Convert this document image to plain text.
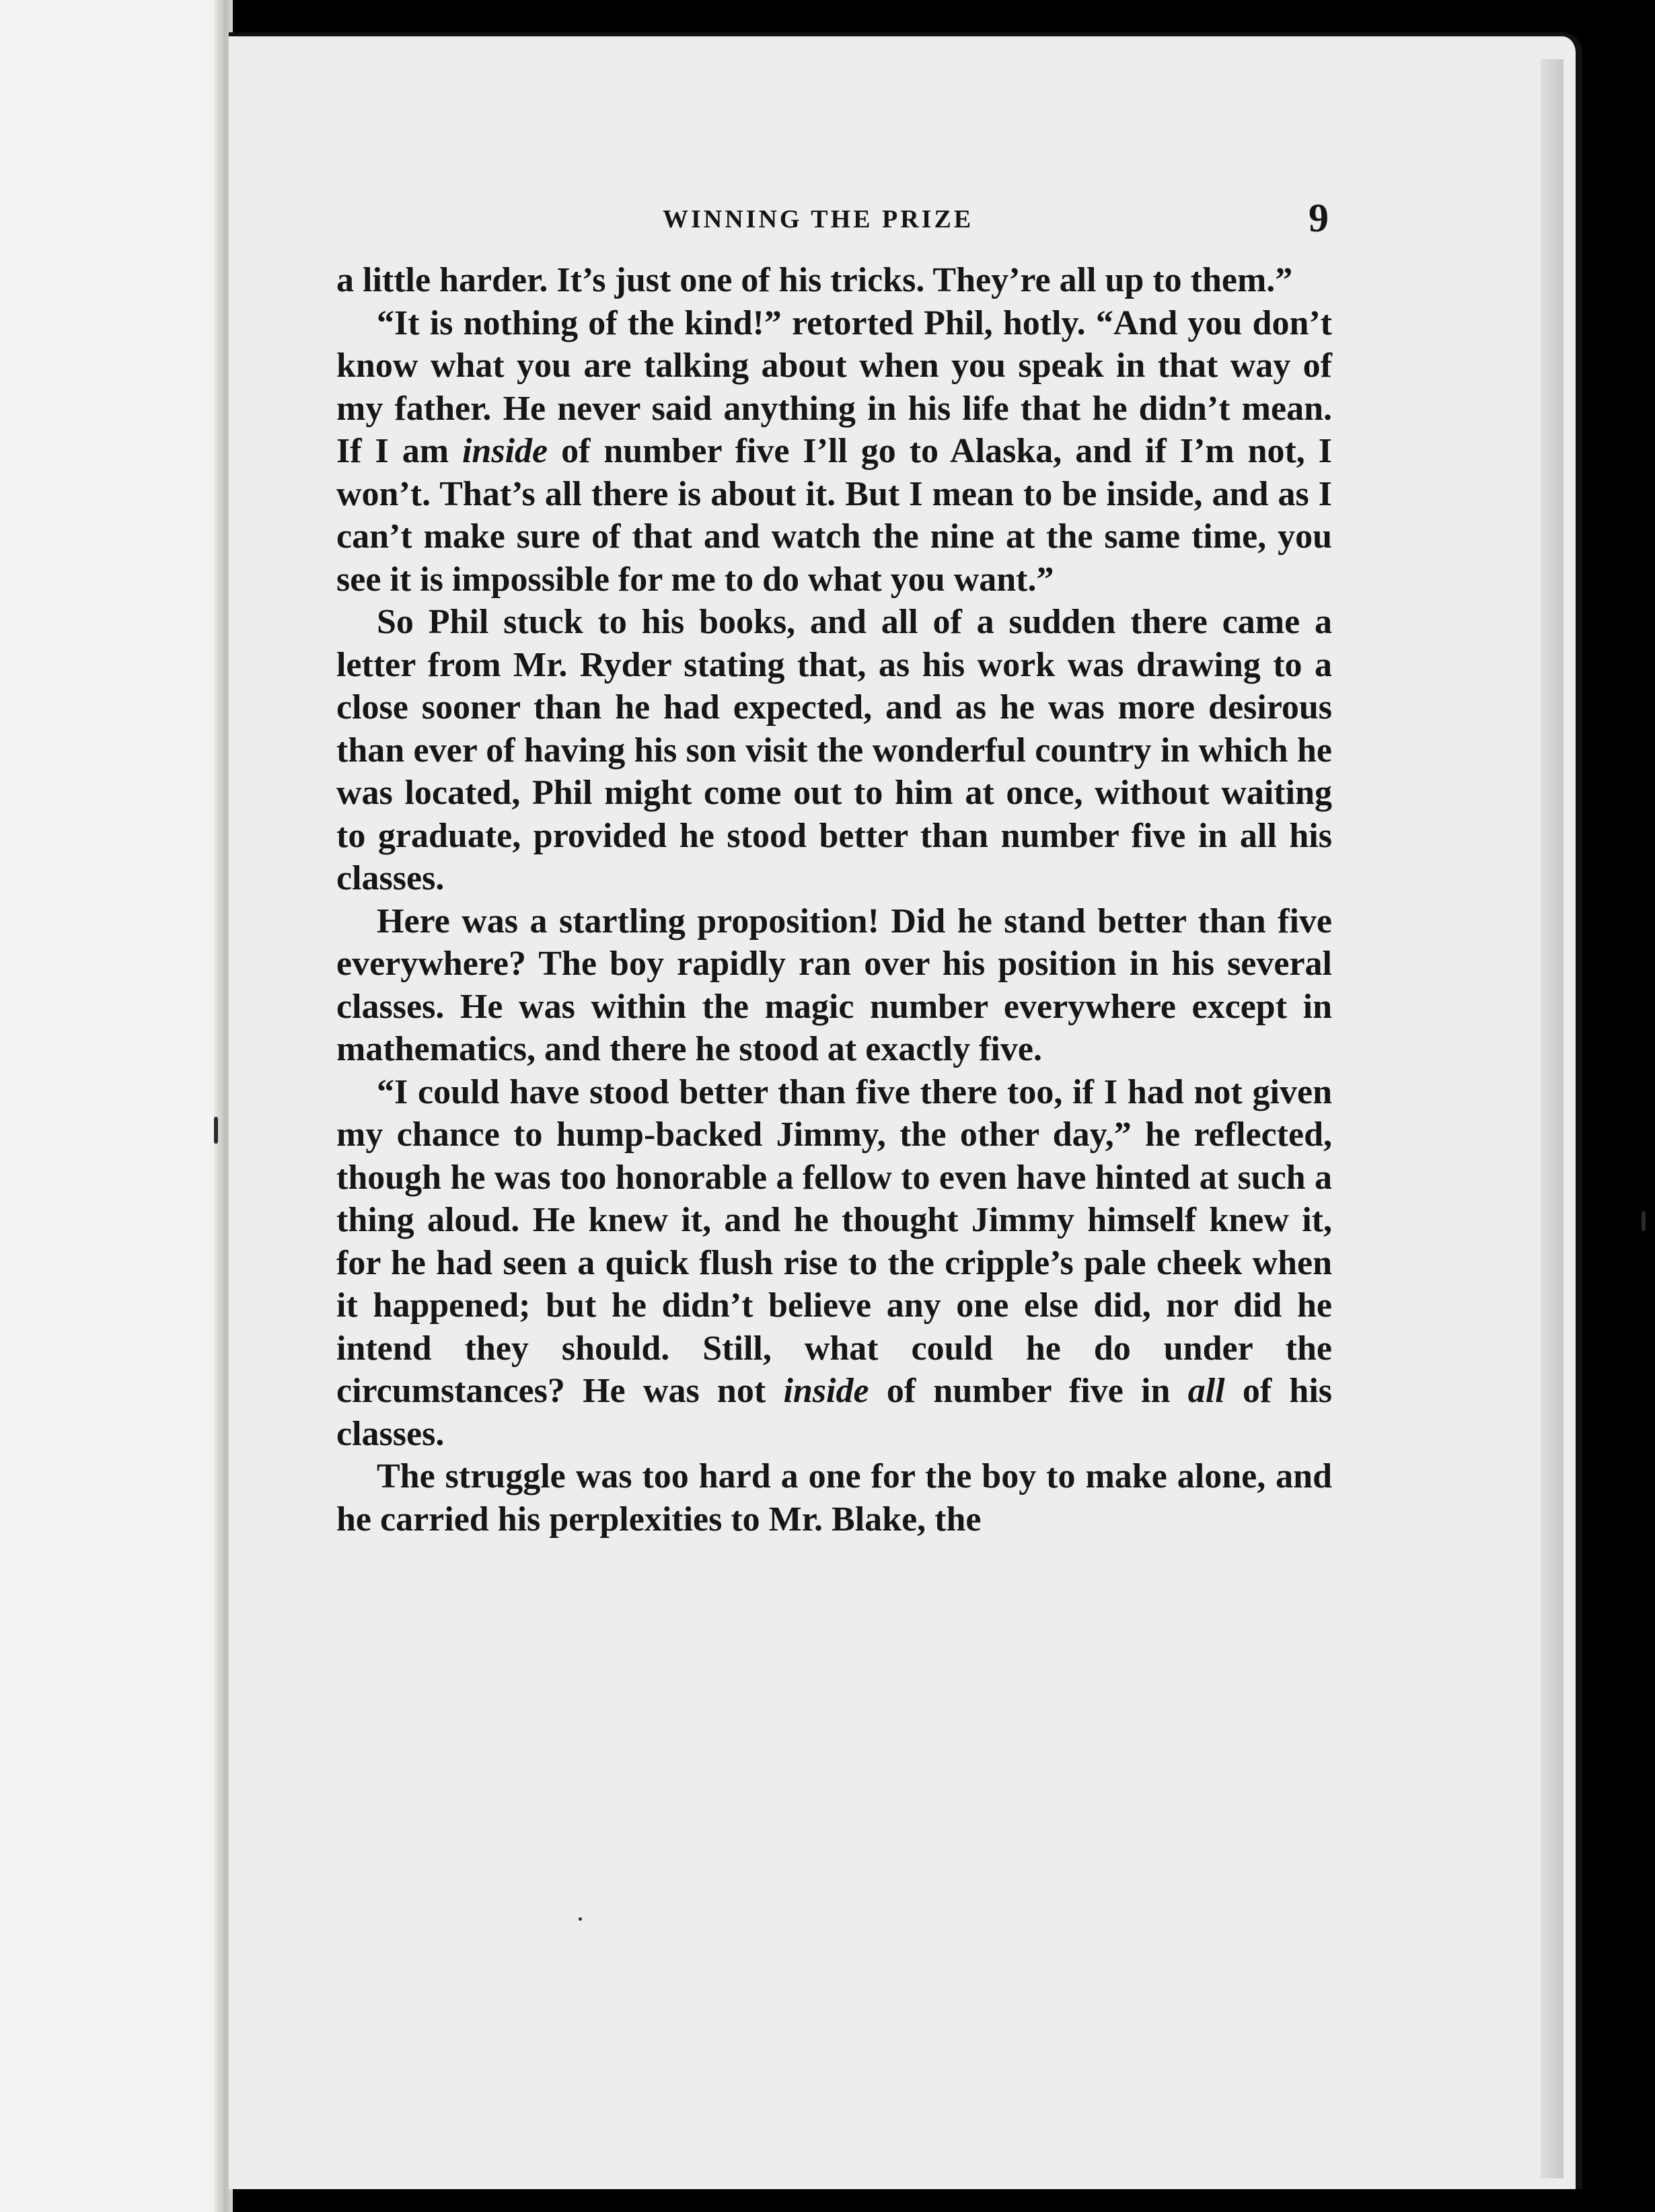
WINNING THE PRIZE	9

a little harder. It’s just one of his tricks. They’re all up to them.”

“It is nothing of the kind!” retorted Phil, hotly. “And you don’t know what you are talking about when you speak in that way of my father. He never said anything in his life that he didn’t mean. If I am inside of number five I’ll go to Alaska, and if I’m not, I won’t. That’s all there is about it. But I mean to be inside, and as I can’t make sure of that and watch the nine at the same time, you see it is impossible for me to do what you want.”

So Phil stuck to his books, and all of a sudden there came a letter from Mr. Ryder stating that, as his work was drawing to a close sooner than he had expected, and as he was more desirous than ever of having his son visit the wonderful country in which he was located, Phil might come out to him at once, without waiting to graduate, provided he stood better than number five in all his classes.

Here was a startling proposition! Did he stand better than five everywhere? The boy rapidly ran over his position in his several classes. He was within the magic number everywhere except in mathematics, and there he stood at exactly five.

“I could have stood better than five there too, if I had not given my chance to hump-backed Jimmy, the other day,” he reflected, though he was too honorable a fellow to even have hinted at such a thing aloud. He knew it, and he thought Jimmy himself knew it, for he had seen a quick flush rise to the cripple’s pale cheek when it happened; but he didn’t believe any one else did, nor did he intend they should. Still, what could he do under the circumstances? He was not inside of number five in all of his classes.

The struggle was too hard a one for the boy to make alone, and he carried his perplexities to Mr. Blake, the
